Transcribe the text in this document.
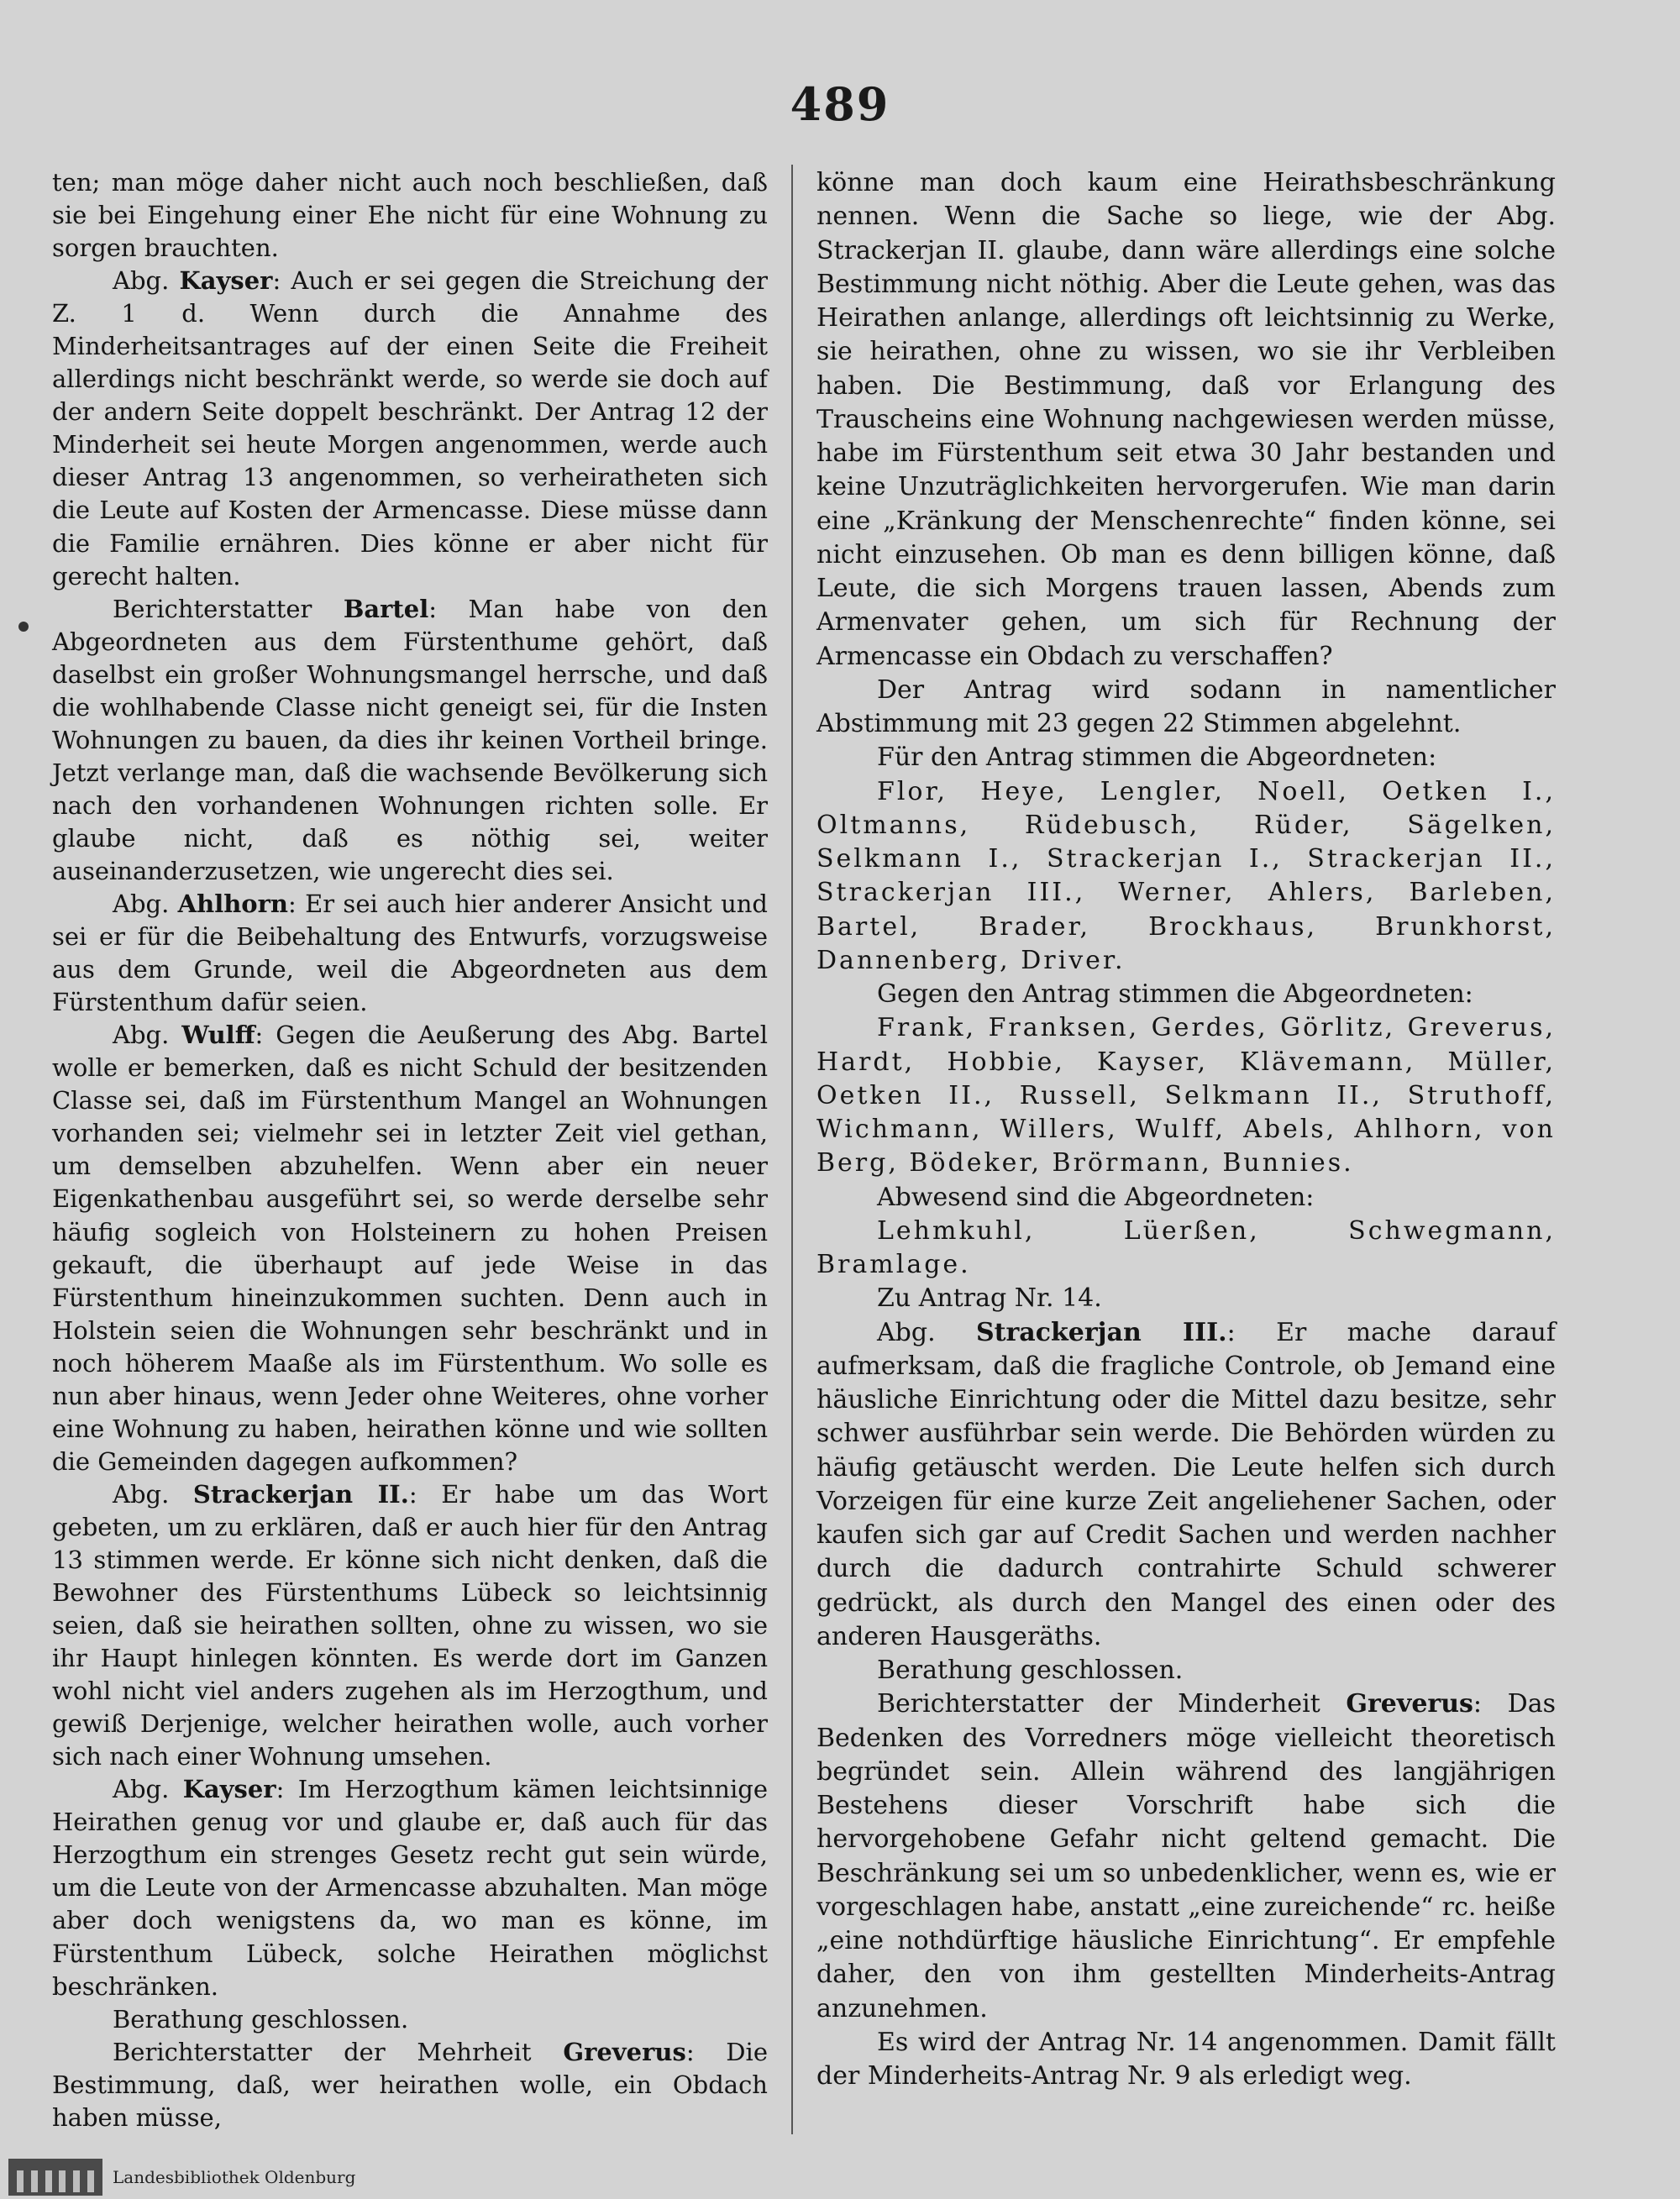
489

ten; man möge daher nicht auch noch beschließen, daß sie bei Eingehung einer Ehe nicht für eine Wohnung zu sorgen brauchten.

Abg. Kayser: Auch er sei gegen die Streichung der Z. 1 d. Wenn durch die Annahme des Minderheitsantrages auf der einen Seite die Freiheit allerdings nicht beschränkt werde, so werde sie doch auf der andern Seite doppelt beschränkt. Der Antrag 12 der Minderheit sei heute Morgen angenommen, werde auch dieser Antrag 13 angenommen, so verheiratheten sich die Leute auf Kosten der Armencasse. Diese müsse dann die Familie ernähren. Dies könne er aber nicht für gerecht halten.

Berichterstatter Bartel: Man habe von den Abgeordneten aus dem Fürstenthume gehört, daß daselbst ein großer Wohnungsmangel herrsche, und daß die wohlhabende Classe nicht geneigt sei, für die Insten Wohnungen zu bauen, da dies ihr keinen Vortheil bringe. Jetzt verlange man, daß die wachsende Bevölkerung sich nach den vorhandenen Wohnungen richten solle. Er glaube nicht, daß es nöthig sei, weiter auseinanderzusetzen, wie ungerecht dies sei.

Abg. Ahlhorn: Er sei auch hier anderer Ansicht und sei er für die Beibehaltung des Entwurfs, vorzugsweise aus dem Grunde, weil die Abgeordneten aus dem Fürstenthum dafür seien.

Abg. Wulff: Gegen die Aeußerung des Abg. Bartel wolle er bemerken, daß es nicht Schuld der besitzenden Classe sei, daß im Fürstenthum Mangel an Wohnungen vorhanden sei; vielmehr sei in letzter Zeit viel gethan, um demselben abzuhelfen. Wenn aber ein neuer Eigenkathenbau ausgeführt sei, so werde derselbe sehr häufig sogleich von Holsteinern zu hohen Preisen gekauft, die überhaupt auf jede Weise in das Fürstenthum hineinzukommen suchten. Denn auch in Holstein seien die Wohnungen sehr beschränkt und in noch höherem Maaße als im Fürstenthum. Wo solle es nun aber hinaus, wenn Jeder ohne Weiteres, ohne vorher eine Wohnung zu haben, heirathen könne und wie sollten die Gemeinden dagegen aufkommen?

Abg. Strackerjan II.: Er habe um das Wort gebeten, um zu erklären, daß er auch hier für den Antrag 13 stimmen werde. Er könne sich nicht denken, daß die Bewohner des Fürstenthums Lübeck so leichtsinnig seien, daß sie heirathen sollten, ohne zu wissen, wo sie ihr Haupt hinlegen könnten. Es werde dort im Ganzen wohl nicht viel anders zugehen als im Herzogthum, und gewiß Derjenige, welcher heirathen wolle, auch vorher sich nach einer Wohnung umsehen.

Abg. Kayser: Im Herzogthum kämen leichtsinnige Heirathen genug vor und glaube er, daß auch für das Herzogthum ein strenges Gesetz recht gut sein würde, um die Leute von der Armencasse abzuhalten. Man möge aber doch wenigstens da, wo man es könne, im Fürstenthum Lübeck, solche Heirathen möglichst beschränken.

Berathung geschlossen.

Berichterstatter der Mehrheit Greverus: Die Bestimmung, daß, wer heirathen wolle, ein Obdach haben müsse,

könne man doch kaum eine Heirathsbeschränkung nennen. Wenn die Sache so liege, wie der Abg. Strackerjan II. glaube, dann wäre allerdings eine solche Bestimmung nicht nöthig. Aber die Leute gehen, was das Heirathen anlange, allerdings oft leichtsinnig zu Werke, sie heirathen, ohne zu wissen, wo sie ihr Verbleiben haben. Die Bestimmung, daß vor Erlangung des Trauscheins eine Wohnung nachgewiesen werden müsse, habe im Fürstenthum seit etwa 30 Jahr bestanden und keine Unzuträglichkeiten hervorgerufen. Wie man darin eine „Kränkung der Menschenrechte“ finden könne, sei nicht einzusehen. Ob man es denn billigen könne, daß Leute, die sich Morgens trauen lassen, Abends zum Armenvater gehen, um sich für Rechnung der Armencasse ein Obdach zu verschaffen?

Der Antrag wird sodann in namentlicher Abstimmung mit 23 gegen 22 Stimmen abgelehnt.

Für den Antrag stimmen die Abgeordneten:

Flor, Heye, Lengler, Noell, Oetken I., Oltmanns, Rüdebusch, Rüder, Sägelken, Selkmann I., Strackerjan I., Strackerjan II., Strackerjan III., Werner, Ahlers, Barleben, Bartel, Brader, Brockhaus, Brunkhorst, Dannenberg, Driver.

Gegen den Antrag stimmen die Abgeordneten:

Frank, Franksen, Gerdes, Görlitz, Greverus, Hardt, Hobbie, Kayser, Klävemann, Müller, Oetken II., Russell, Selkmann II., Struthoff, Wichmann, Willers, Wulff, Abels, Ahlhorn, von Berg, Bödeker, Brörmann, Bunnies.

Abwesend sind die Abgeordneten:

Lehmkuhl, Lüerßen, Schwegmann, Bramlage.

Zu Antrag Nr. 14.

Abg. Strackerjan III.: Er mache darauf aufmerksam, daß die fragliche Controle, ob Jemand eine häusliche Einrichtung oder die Mittel dazu besitze, sehr schwer ausführbar sein werde. Die Behörden würden zu häufig getäuscht werden. Die Leute helfen sich durch Vorzeigen für eine kurze Zeit angeliehener Sachen, oder kaufen sich gar auf Credit Sachen und werden nachher durch die dadurch contrahirte Schuld schwerer gedrückt, als durch den Mangel des einen oder des anderen Hausgeräths.

Berathung geschlossen.

Berichterstatter der Minderheit Greverus: Das Bedenken des Vorredners möge vielleicht theoretisch begründet sein. Allein während des langjährigen Bestehens dieser Vorschrift habe sich die hervorgehobene Gefahr nicht geltend gemacht. Die Beschränkung sei um so unbedenklicher, wenn es, wie er vorgeschlagen habe, anstatt „eine zureichende“ rc. heiße „eine nothdürftige häusliche Einrichtung“. Er empfehle daher, den von ihm gestellten Minderheits-Antrag anzunehmen.

Es wird der Antrag Nr. 14 angenommen. Damit fällt der Minderheits-Antrag Nr. 9 als erledigt weg.

Landesbibliothek Oldenburg
